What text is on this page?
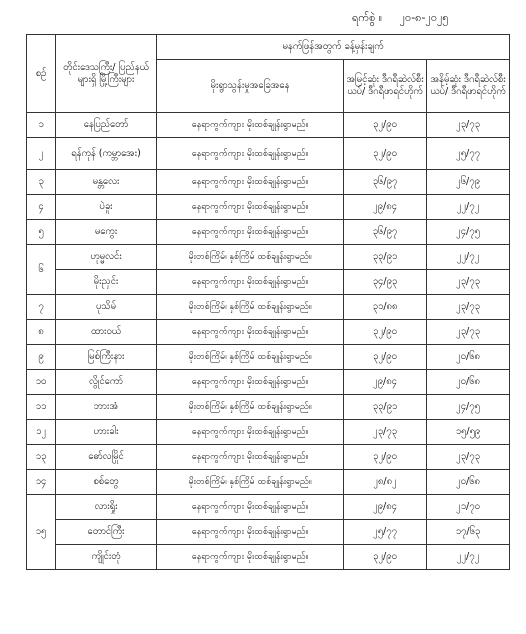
ရက်စွဲ ။ ၂၀-၈-၂၀၂၅
စဉ်	တိုင်းဒေသကြီး/ ပြည်နယ်များရှိ မြို့ကြီးများ	မနက်ဖြန်အတွက် ခန့်မှန်းချက်		
		မိုးရွာသွန်းမှုအခြေအနေ	အမြင့်ဆုံး ဒီဂရီဆဲလ်စီးယပ်/ ဒီဂရီဖာရင်ဟိုက်	အနိမ့်ဆုံး ဒီဂရီဆဲလ်စီးယပ်/ ဒီဂရီဖာရင်ဟိုက်
၁	နေပြည်တော်	နေရာကွက်ကျား မိုးထစ်ချုန်းရွာမည်။	၃၂/၉၀	၂၃/၇၃
၂	ရန်ကုန် (ကမ္ဘာအေး)	နေရာကွက်ကျား မိုးထစ်ချုန်းရွာမည်။	၃၂/၉၀	၂၅/၇၇
၃	မန္တလေး	နေရာကွက်ကျား မိုးထစ်ချုန်းရွာမည်။	၃၆/၉၇	၂၆/၇၉
၄	ပဲခူး	နေရာကွက်ကျား မိုးထစ်ချုန်းရွာမည်။	၂၉/၈၄	၂၂/၇၂
၅	မကွေး	နေရာကွက်ကျား မိုးထစ်ချုန်းရွာမည်။	၃၆/၉၇	၂၄/၇၅
၆	ဟုမ္မလင်း	မိုးတစ်ကြိမ်၊ နှစ်ကြိမ် ထစ်ချုန်းရွာမည်။	၃၃/၉၁	၂၂/၇၂
	မိုးညှင်း	နေရာကွက်ကျား မိုးထစ်ချုန်းရွာမည်။	၃၄/၉၃	၂၃/၇၃
၇	ပုသိမ်	မိုးတစ်ကြိမ်၊ နှစ်ကြိမ် ထစ်ချုန်းရွာမည်။	၃၁/၈၈	၂၃/၇၃
၈	ထားဝယ်	နေရာကွက်ကျား မိုးထစ်ချုန်းရွာမည်။	၃၂/၉၀	၂၃/၇၃
၉	မြစ်ကြီးနား	မိုးတစ်ကြိမ်၊ နှစ်ကြိမ် ထစ်ချုန်းရွာမည်။	၃၂/၉၀	၂၀/၆၈
၁၀	လွိုင်ကော်	နေရာကွက်ကျား မိုးထစ်ချုန်းရွာမည်။	၂၉/၈၄	၂၀/၆၈
၁၁	ဘားအံ	မိုးတစ်ကြိမ်၊ နှစ်ကြိမ် ထစ်ချုန်းရွာမည်။	၃၃/၉၁	၂၄/၇၅
၁၂	ဟားခါး	နေရာကွက်ကျား မိုးထစ်ချုန်းရွာမည်။	၂၃/၇၃	၁၅/၅၉
၁၃	ဓော်လမြိုင်	နေရာကွက်ကျား မိုးထစ်ချုန်းရွာမည်။	၃၂/၉၀	၂၃/၇၃
၁၄	စစ်တွေ	မိုးတစ်ကြိမ်၊ နှစ်ကြိမ် ထစ်ချုန်းရွာမည်။	၂၈/၈၂	၂၀/၆၈
၁၅	လားရှိုး	နေရာကွက်ကျား မိုးထစ်ချုန်းရွာမည်။	၂၉/၈၄	၂၁/၇၀
	တောင်ကြီး	နေရာကွက်ကျား မိုးထစ်ချုန်းရွာမည်။	၂၅/၇၇	၁၇/၆၃
	ကျိုင်းတုံ	နေရာကွက်ကျား မိုးထစ်ချုန်းရွာမည်။	၃၂/၉၀	၂၂/၇၂
